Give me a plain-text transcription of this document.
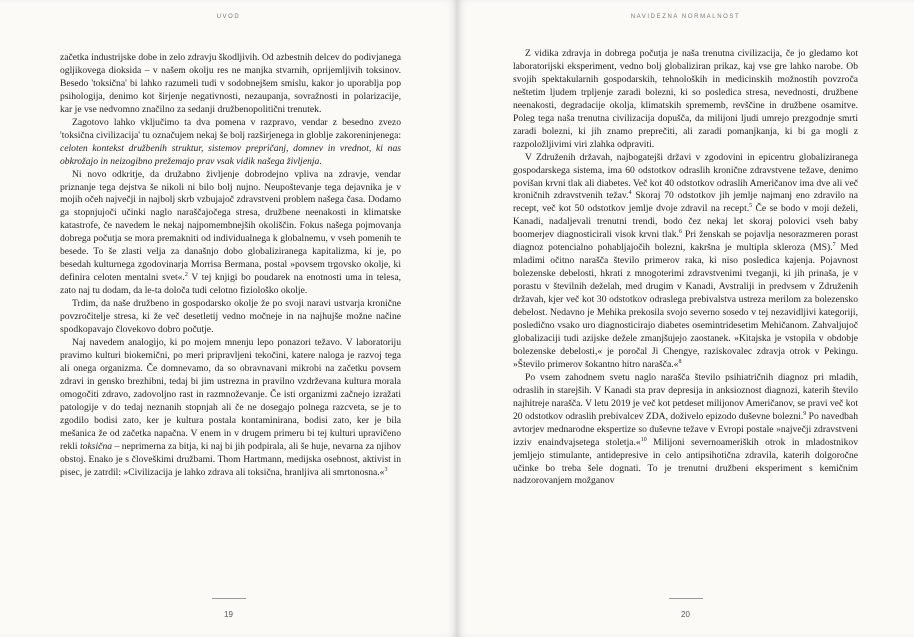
UVOD

začetka industrijske dobe in zelo zdravju škodljivih. Od azbestnih delcev do podivjanega ogljikovega dioksida – v našem okolju res ne manjka stvarnih, oprijemljivih toksinov. Besedo 'toksična' bi lahko razumeli tudi v sodobnejšem smislu, kakor jo uporablja pop psihologija, denimo kot širjenje negativnosti, nezaupanja, sovražnosti in polarizacije, kar je vse nedvomno značilno za sedanji družbenopolitični trenutek.

Zagotovo lahko vključimo ta dva pomena v razpravo, vendar z besedno zvezo 'toksična civilizacija' tu označujem nekaj še bolj razširjenega in globlje zakoreninjenega: celoten kontekst družbenih struktur, sistemov prepričanj, domnev in vrednot, ki nas obkrožajo in neizogibno prežemajo prav vsak vidik našega življenja.

Ni novo odkritje, da družabno življenje dobrodejno vpliva na zdravje, vendar priznanje tega dejstva še nikoli ni bilo bolj nujno. Neupoštevanje tega dejavnika je v mojih očeh največji in najbolj skrb vzbujajoč zdravstveni problem našega časa. Dodamo ga stopnjujoči učinki naglo naraščajočega stresa, družbene neenakosti in klimatske katastrofe, če navedem le nekaj najpomembnejših okoliščin. Fokus našega pojmovanja dobrega počutja se mora premakniti od individualnega k globalnemu, v vseh pomenih te besede. To še zlasti velja za današnjo dobo globaliziranega kapitalizma, ki je, po besedah kulturnega zgodovinarja Morrisa Bermana, postal »povsem trgovsko okolje, ki definira celoten mentalni svet«.$^2$ V tej knjigi bo poudarek na enotnosti uma in telesa, zato naj tu dodam, da le-ta določa tudi celotno fiziološko okolje.

Trdim, da naše družbeno in gospodarsko okolje že po svoji naravi ustvarja kronične povzročitelje stresa, ki že več desetletij vedno močneje in na najhujše možne načine spodkopavajo človekovo dobro počutje.

Naj navedem analogijo, ki po mojem mnenju lepo ponazori težavo. V laboratoriju pravimo kulturi biokemični, po meri pripravljeni tekočini, katere naloga je razvoj tega ali onega organizma. Če domnevamo, da so obravnavani mikrobi na začetku povsem zdravi in genskо brezhibni, tedaj bi jim ustrezna in pravilno vzdrževana kultura morala omogočiti zdravo, zadovoljno rast in razmnoževanje. Če isti organizmi začnejo izražati patologije v do tedaj neznanih stopnjah ali če ne dosegajo polnega razcveta, se je to zgodilo bodisi zato, ker je kultura postala kontaminirana, bodisi zato, ker je bila mešanica že od začetka napačna. V enem in v drugem primeru bi tej kulturi upravičeno rekli toksična – neprimerna za bitja, ki naj bi jih podpirala, ali še huje, nevarna za njihov obstoj. Enako je s človeškimi družbami. Thom Hartmann, medijska osebnost, aktivist in pisec, je zatrdil: »Civilizacija je lahko zdrava ali toksična, hranljiva ali smrtonosna.«$^3$

19
NAVIDEZNA NORMALNOST

Z vidika zdravja in dobrega počutja je naša trenutna civilizacija, če jo gledamo kot laboratorijski eksperiment, vedno bolj globaliziran prikaz, kaj vse gre lahko narobe. Ob svojih spektakularnih gospodarskih, tehnoloških in medicinskih možnostih povzroča neštetim ljudem trpljenje zaradi bolezni, ki so posledica stresa, nevednosti, družbene neenakosti, degradacije okolja, klimatskih sprememb, revščine in družbene osamitve. Poleg tega naša trenutna civilizacija dopušča, da milijoni ljudi umrejo prezgodnje smrti zaradi bolezni, ki jih znamo preprečiti, ali zaradi pomanjkanja, ki bi ga mogli z razpoložljivimi viri zlahka odpraviti.

V Združenih državah, najbogatejši državi v zgodovini in epicentru globaliziranega gospodarskega sistema, ima 60 odstotkov odraslih kronične zdravstvene težave, denimo povišan krvni tlak ali diabetes. Več kot 40 odstotkov odraslih Američanov ima dve ali več kroničnih zdravstvenih težav.$^4$ Skoraj 70 odstotkov jih jemlje najmanj eno zdravilo na recept, več kot 50 odstotkov jemlje dvoje zdravil na recept.$^5$ Če se bodo v moji deželi, Kanadi, nadaljevali trenutni trendi, bodo čez nekaj let skoraj polovici vseh baby boomerjev diagnosticirali visok krvni tlak.$^6$ Pri ženskah se pojavlja nesorazmeren porast diagnoz potencialno pohabljajočih bolezni, kakršna je multipla skleroza (MS).$^7$ Med mladimi očitno narašča število primerov raka, ki niso posledica kajenja. Pojavnost bolezenske debelosti, hkrati z mnogoterimi zdravstvenimi tveganji, ki jih prinaša, je v porastu v številnih deželah, med drugim v Kanadi, Avstraliji in predvsem v Združenih državah, kjer več kot 30 odstotkov odraslega prebivalstva ustreza merilom za bolezensko debelost. Nedavno je Mehika prekosila svojo severno sosedo v tej nezavidljivi kategoriji, posledično vsako uro diagnosticirajo diabetes osemintridesetim Mehičanom. Zahvaljujoč globalizaciji tudi azijske dežele zmanjšujejo zaostanek. »Kitajska je vstopila v obdobje bolezenske debelosti,« je poročal Ji Chengye, raziskovalec zdravja otrok v Pekingu. »Število primerov šokantno hitro narašča.«$^8$

Po vsem zahodnem svetu naglo narašča število psihiatričnih diagnoz pri mladih, odraslih in starejših. V Kanadi sta prav depresija in anksioznost diagnozi, katerih število najhitreje narašča. V letu 2019 je več kot petdeset milijonov Američanov, se pravi več kot 20 odstotkov odraslih prebivalcev ZDA, doživelo epizodo duševne bolezni.$^9$ Po navedbah avtorjev mednarodne ekspertize so duševne težave v Evropi postale »največji zdravstveni izziv enaindvajsetega stoletja.«$^{10}$ Milijoni severnoameriških otrok in mladostnikov jemljejo stimulante, antidepresive in celo antipsihotična zdravila, katerih dolgoročne učinke bo treba šele dognati. To je trenutni družbeni eksperiment s kemičnim nadzorovanjem možganov

20
